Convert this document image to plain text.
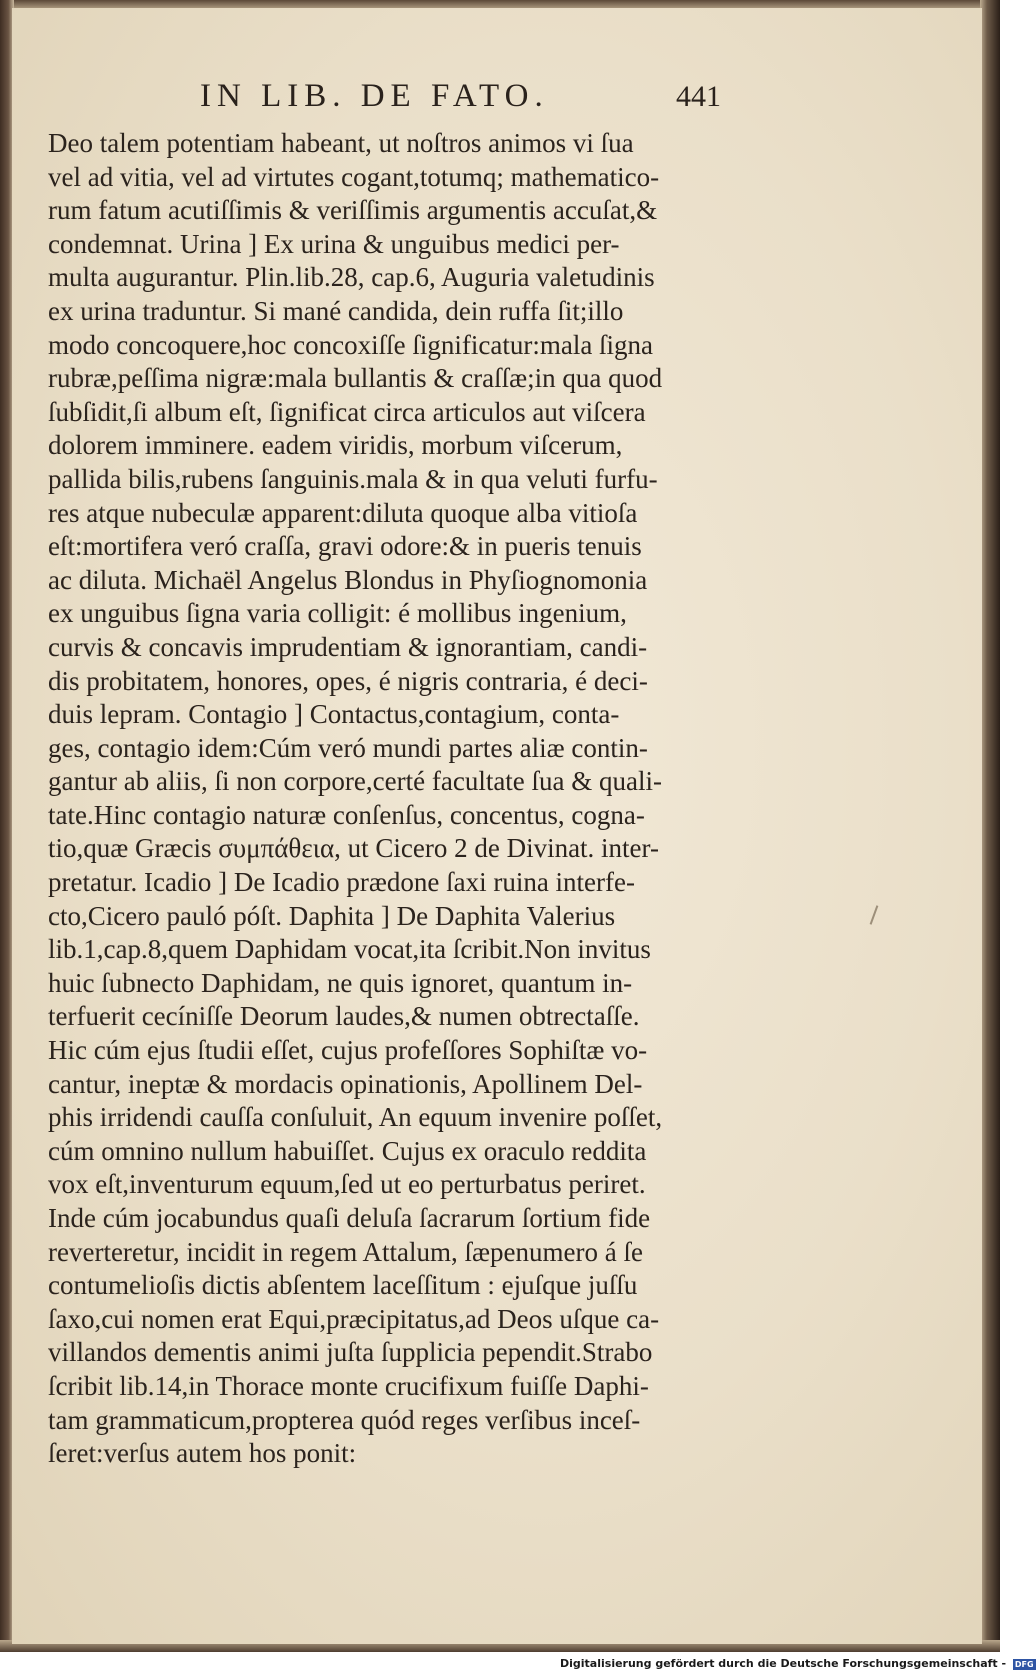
IN LIB. DE FATO.	441
Deo talem potentiam habeant, ut noſtros animos vi ſua
vel ad vitia, vel ad virtutes cogant,totumq; mathematico-
rum fatum acutiſſimis & veriſſimis argumentis accuſat,&
condemnat. Urina ] Ex urina & unguibus medici per-
multa augurantur. Plin.lib.28, cap.6, Auguria valetudinis
ex urina traduntur. Si mané candida, dein ruffa ſit;illo
modo concoquere,hoc concoxiſſe ſignificatur:mala ſigna
rubræ,peſſima nigræ:mala bullantis & craſſæ;in qua quod
ſubſidit,ſi album eſt, ſignificat circa articulos aut viſcera
dolorem imminere. eadem viridis, morbum viſcerum,
pallida bilis,rubens ſanguinis.mala & in qua veluti furfu-
res atque nubeculæ apparent:diluta quoque alba vitioſa
eſt:mortifera veró craſſa, gravi odore:& in pueris tenuis
ac diluta. Michaël Angelus Blondus in Phyſiognomonia
ex unguibus ſigna varia colligit: é mollibus ingenium,
curvis & concavis imprudentiam & ignorantiam, candi-
dis probitatem, honores, opes, é nigris contraria, é deci-
duis lepram. Contagio ] Contactus,contagium, conta-
ges, contagio idem:Cúm veró mundi partes aliæ contin-
gantur ab aliis, ſi non corpore,certé facultate ſua & quali-
tate.Hinc contagio naturæ conſenſus, concentus, cogna-
tio,quæ Græcis συμπάθεια, ut Cicero 2 de Divinat. inter-
pretatur. Icadio ] De Icadio prædone ſaxi ruina interfe-
cto,Cicero pauló póſt. Daphita ] De Daphita Valerius
lib.1,cap.8,quem Daphidam vocat,ita ſcribit.Non invitus
huic ſubnecto Daphidam, ne quis ignoret, quantum in-
terfuerit cecíniſſe Deorum laudes,& numen obtrectaſſe.
Hic cúm ejus ſtudii eſſet, cujus profeſſores Sophiſtæ vo-
cantur, ineptæ & mordacis opinationis, Apollinem Del-
phis irridendi cauſſa conſuluit, An equum invenire poſſet,
cúm omnino nullum habuiſſet. Cujus ex oraculo reddita
vox eſt,inventurum equum,ſed ut eo perturbatus periret.
Inde cúm jocabundus quaſi deluſa ſacrarum ſortium fide
reverteretur, incidit in regem Attalum, ſæpenumero á ſe
contumelioſis dictis abſentem laceſſitum : ejuſque juſſu
ſaxo,cui nomen erat Equi,præcipitatus,ad Deos uſque ca-
villandos dementis animi juſta ſupplicia pependit.Strabo
ſcribit lib.14,in Thorace monte crucifixum fuiſſe Daphi-
tam grammaticum,propterea quód reges verſibus inceſ-
ſeret:verſus autem hos ponit:
Digitalisierung gefördert durch die Deutsche Forschungsgemeinschaft - DFG
